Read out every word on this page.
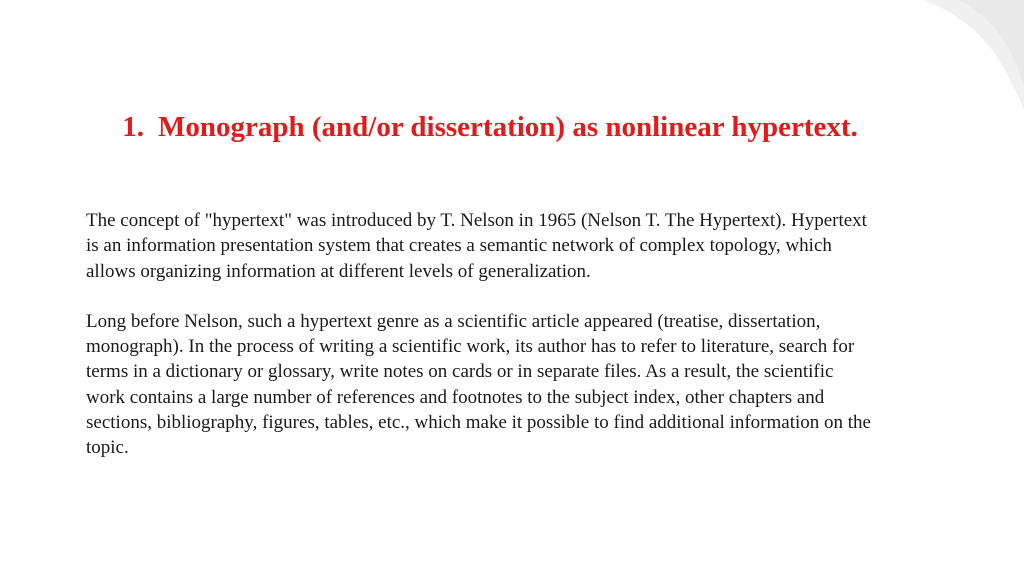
1. Monograph (and/or dissertation) as nonlinear hypertext.

The concept of "hypertext" was introduced by T. Nelson in 1965 (Nelson T. The Hypertext). Hypertext is an information presentation system that creates a semantic network of complex topology, which allows organizing information at different levels of generalization.

Long before Nelson, such a hypertext genre as a scientific article appeared (treatise, dissertation, monograph). In the process of writing a scientific work, its author has to refer to literature, search for terms in a dictionary or glossary, write notes on cards or in separate files. As a result, the scientific work contains a large number of references and footnotes to the subject index, other chapters and sections, bibliography, figures, tables, etc., which make it possible to find additional information on the topic.
